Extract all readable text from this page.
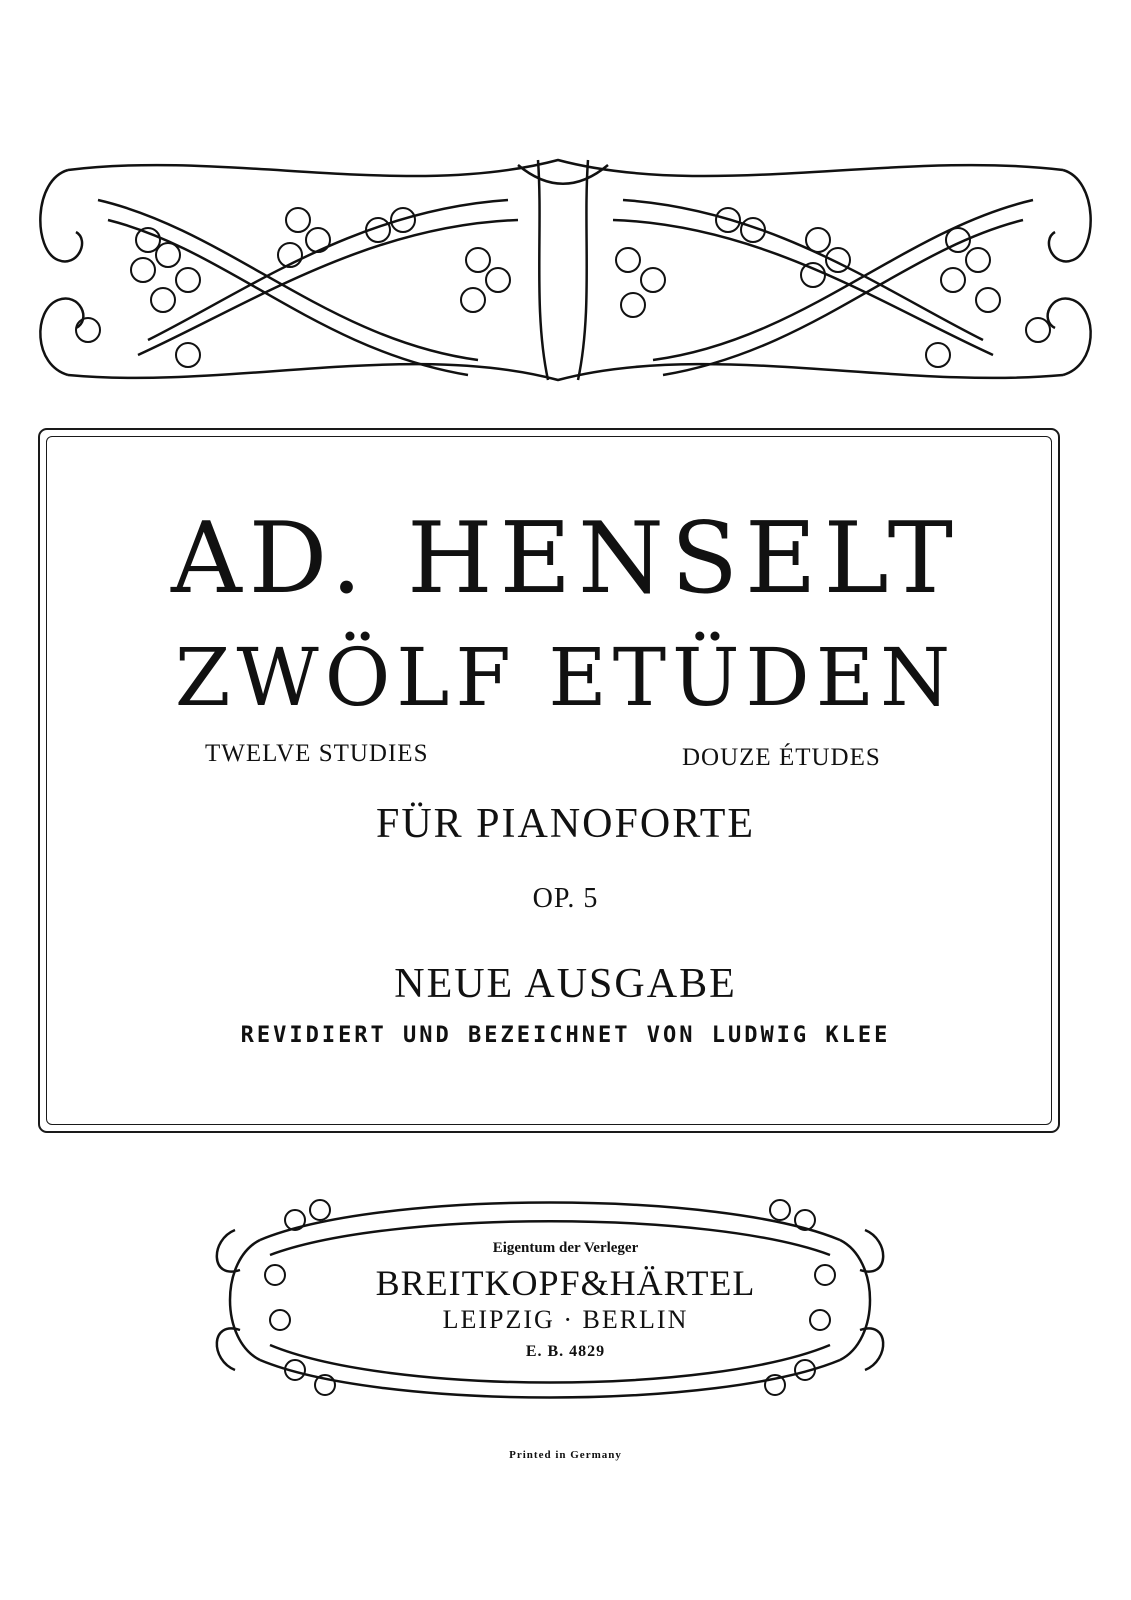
AD. HENSELT
ZWÖLF ETÜDEN
TWELVE STUDIES	DOUZE ÉTUDES
FÜR PIANOFORTE
OP. 5
NEUE AUSGABE
REVIDIERT UND BEZEICHNET VON LUDWIG KLEE
Eigentum der Verleger
BREITKOPF&HÄRTEL
LEIPZIG · BERLIN
E. B. 4829
Printed in Germany
